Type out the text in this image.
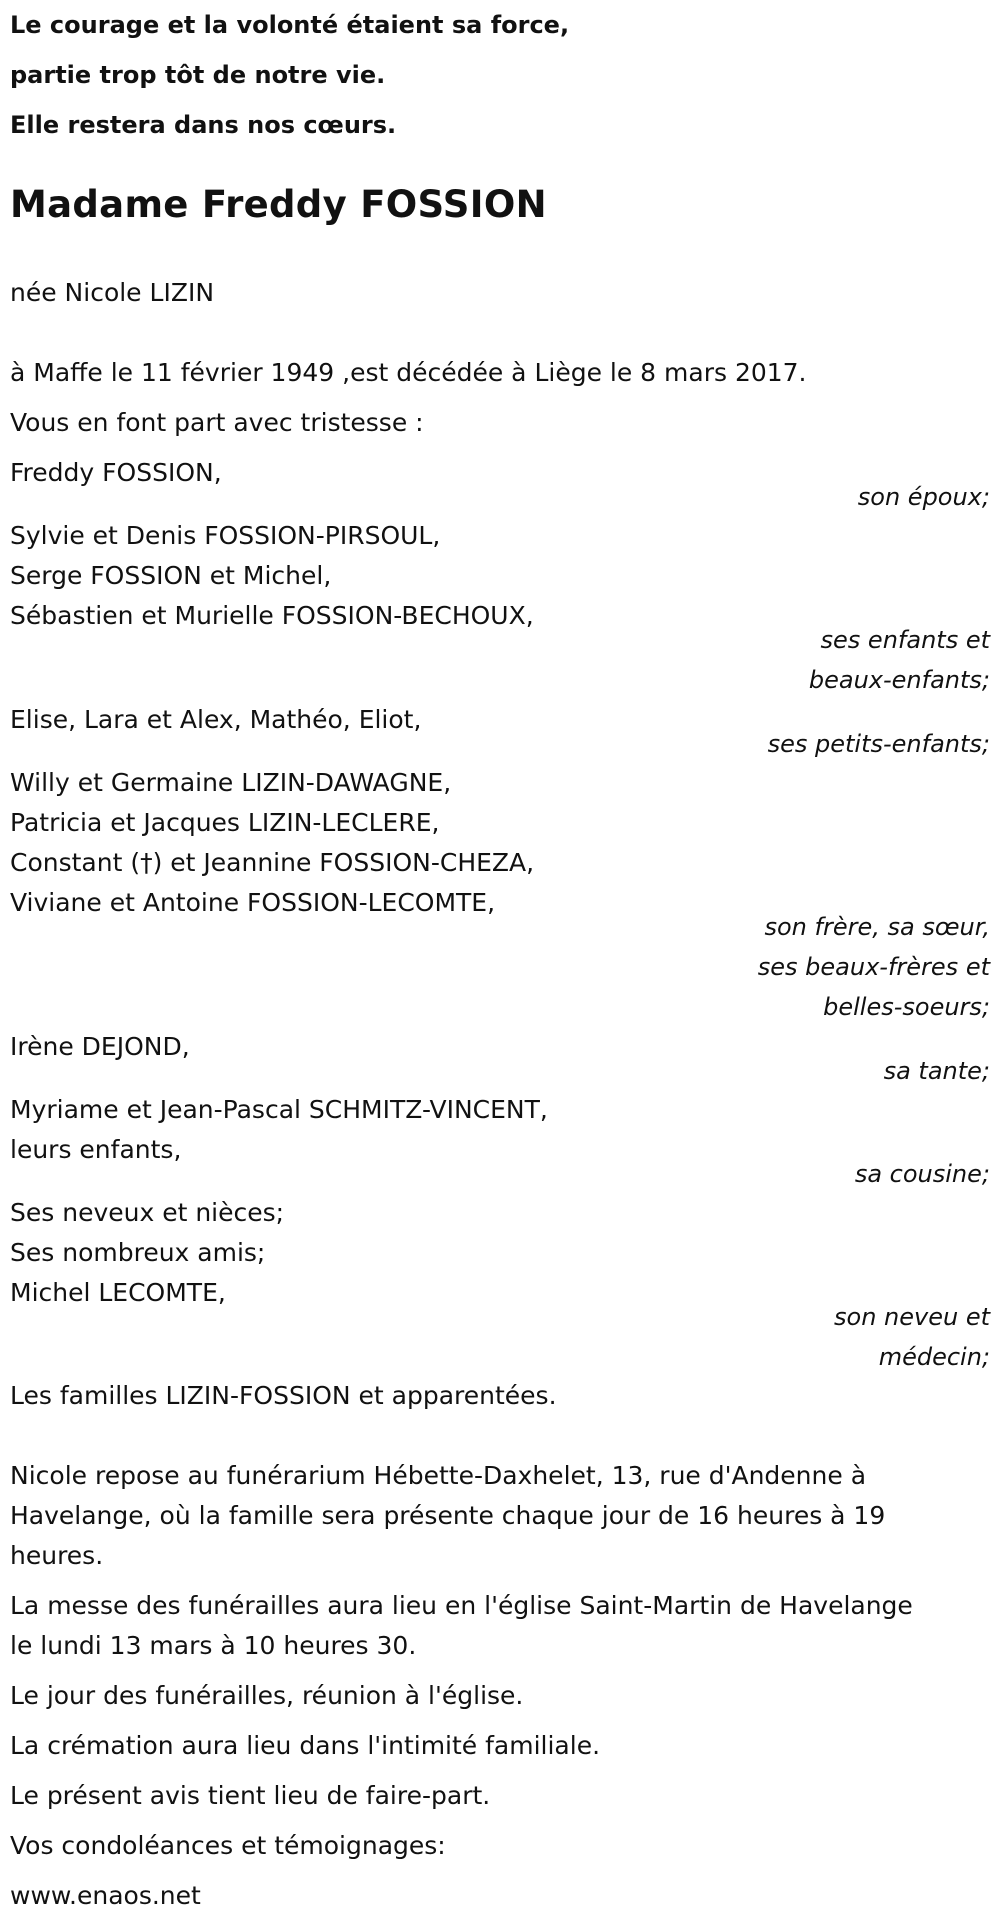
Le courage et la volonté étaient sa force,
partie trop tôt de notre vie.
Elle restera dans nos cœurs.
Madame Freddy FOSSION
née Nicole LIZIN
à Maffe le 11 février 1949 ,est décédée à Liège le 8 mars 2017.
Vous en font part avec tristesse :
Freddy FOSSION,
son époux;
Sylvie et Denis FOSSION-PIRSOUL,
Serge FOSSION et Michel,
Sébastien et Murielle FOSSION-BECHOUX,
ses enfants et
beaux-enfants;
Elise, Lara et Alex, Mathéo, Eliot,
ses petits-enfants;
Willy et Germaine LIZIN-DAWAGNE,
Patricia et Jacques LIZIN-LECLERE,
Constant (†) et Jeannine FOSSION-CHEZA,
Viviane et Antoine FOSSION-LECOMTE,
son frère, sa sœur,
ses beaux-frères et
belles-soeurs;
Irène DEJOND,
sa tante;
Myriame et Jean-Pascal SCHMITZ-VINCENT,
leurs enfants,
sa cousine;
Ses neveux et nièces;
Ses nombreux amis;
Michel LECOMTE,
son neveu et
médecin;
Les familles LIZIN-FOSSION et apparentées.
Nicole repose au funérarium Hébette-Daxhelet, 13, rue d'Andenne à
Havelange, où la famille sera présente chaque jour de 16 heures à 19
heures.
La messe des funérailles aura lieu en l'église Saint-Martin de Havelange
le lundi 13 mars à 10 heures 30.
Le jour des funérailles, réunion à l'église.
La crémation aura lieu dans l'intimité familiale.
Le présent avis tient lieu de faire-part.
Vos condoléances et témoignages:
www.enaos.net
